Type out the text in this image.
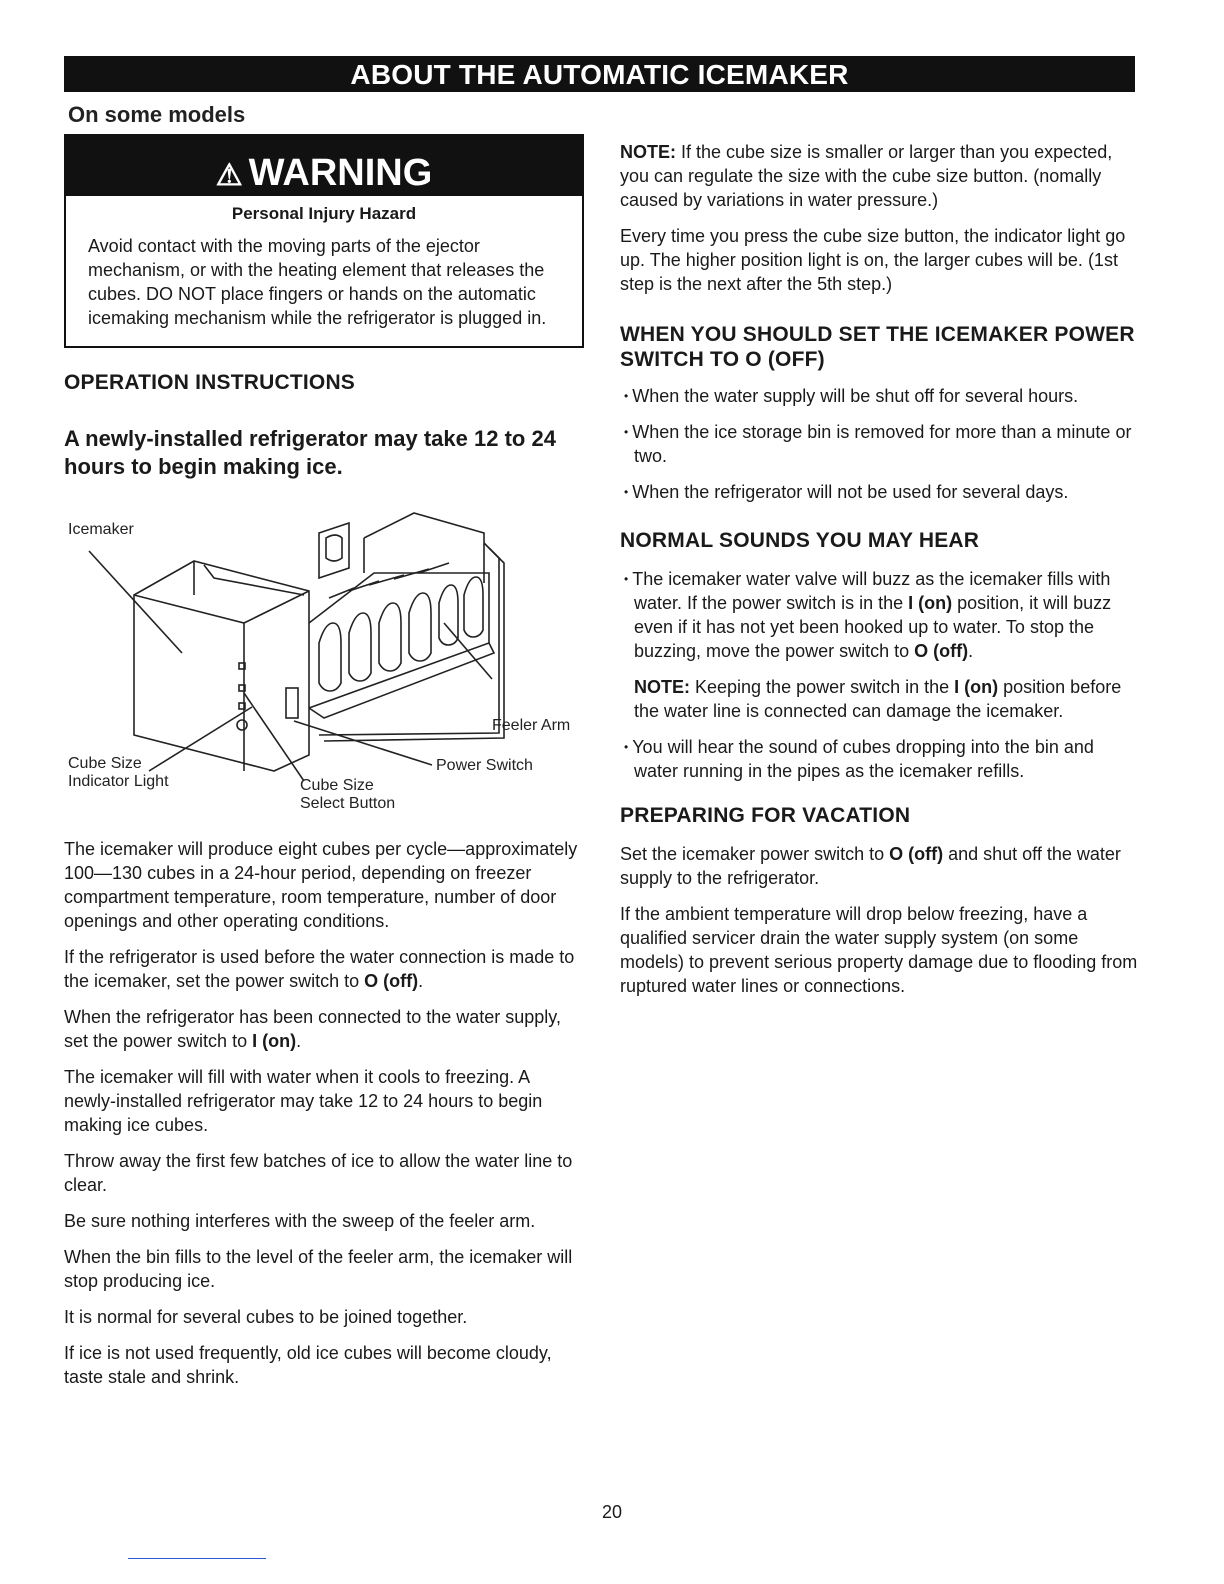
ABOUT THE AUTOMATIC ICEMAKER
On some models
⚠ WARNING
Personal Injury Hazard
Avoid contact with the moving parts of the ejector mechanism, or with the heating element that releases the cubes. DO NOT place fingers or hands on the automatic icemaking mechanism while the refrigerator is plugged in.
OPERATION INSTRUCTIONS
A newly-installed refrigerator may take 12 to 24 hours to begin making ice.
Icemaker
Feeler Arm
Power Switch
Cube Size
Indicator Light	Cube Size
Select Button

The icemaker will produce eight cubes per cycle—approximately 100—130 cubes in a 24-hour period, depending on freezer compartment temperature, room temperature, number of door openings and other operating conditions.

If the refrigerator is used before the water connection is made to the icemaker, set the power switch to O (off).

When the refrigerator has been connected to the water supply, set the power switch to I (on).

The icemaker will fill with water when it cools to freezing. A newly-installed refrigerator may take 12 to 24 hours to begin making ice cubes.

Throw away the first few batches of ice to allow the water line to clear.

Be sure nothing interferes with the sweep of the feeler arm.

When the bin fills to the level of the feeler arm, the icemaker will stop producing ice.

It is normal for several cubes to be joined together.

If ice is not used frequently, old ice cubes will become cloudy, taste stale and shrink.

NOTE: If the cube size is smaller or larger than you expected, you can regulate the size with the cube size button. (nomally caused by variations in water pressure.)

Every time you press the cube size button, the indicator light go up. The higher position light is on, the larger cubes will be. (1st step is the next after the 5th step.)

WHEN YOU SHOULD SET THE ICEMAKER POWER SWITCH TO O (OFF)
• When the water supply will be shut off for several hours.
• When the ice storage bin is removed for more than a minute or two.
• When the refrigerator will not be used for several days.
NORMAL SOUNDS YOU MAY HEAR
• The icemaker water valve will buzz as the icemaker fills with water. If the power switch is in the I (on) position, it will buzz even if it has not yet been hooked up to water. To stop the buzzing, move the power switch to O (off).

NOTE: Keeping the power switch in the I (on) position before the water line is connected can damage the icemaker.

• You will hear the sound of cubes dropping into the bin and water running in the pipes as the icemaker refills.
PREPARING FOR VACATION

Set the icemaker power switch to O (off) and shut off the water supply to the refrigerator.

If the ambient temperature will drop below freezing, have a qualified servicer drain the water supply system (on some models) to prevent serious property damage due to flooding from ruptured water lines or connections.

20
